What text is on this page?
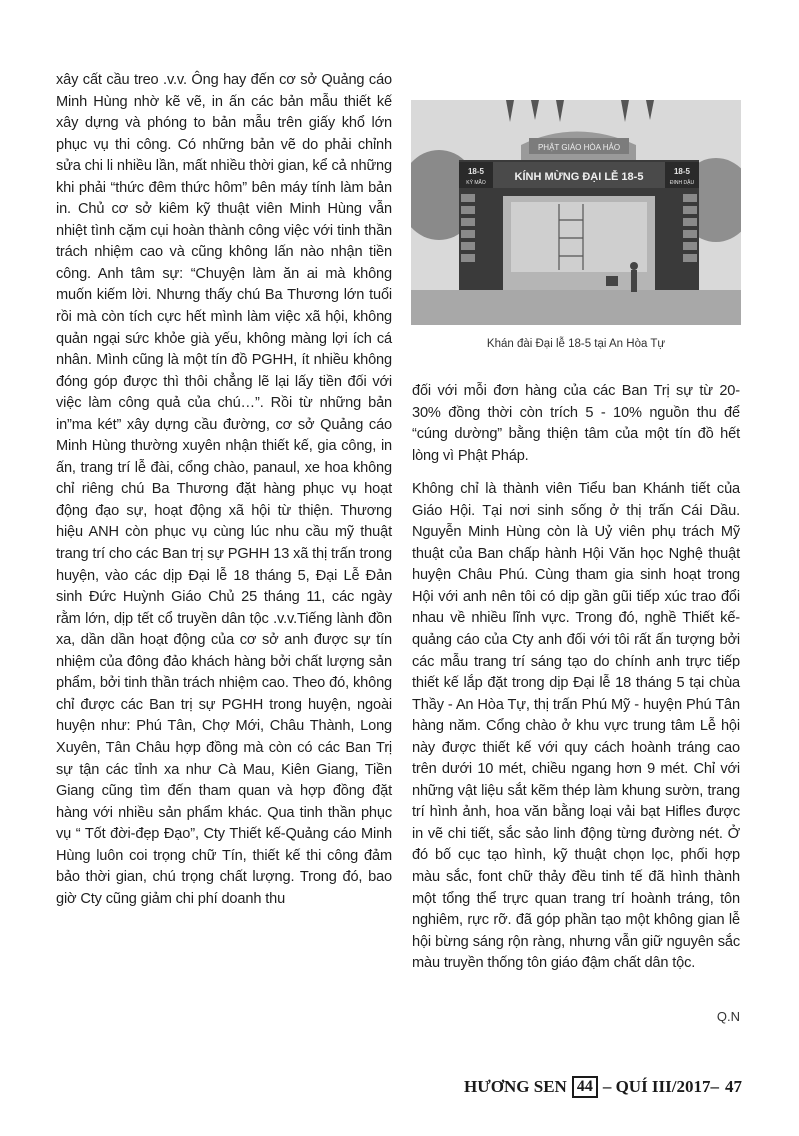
xây cất cầu treo .v.v. Ông hay đến cơ sở Quảng cáo Minh Hùng nhờ kẽ vẽ, in ấn các bản mẫu thiết kế xây dựng và phóng to bản mẫu trên giấy khổ lớn phục vụ thi công. Có những bản vẽ do phải chỉnh sửa chi li nhiều lần, mất nhiều thời gian, kể cả những khi phải “thức đêm thức hôm” bên máy tính làm bản in. Chủ cơ sở kiêm kỹ thuật viên Minh Hùng vẫn nhiệt tình cặm cụi hoàn thành công việc với tinh thần trách nhiệm cao và cũng không lấn nào nhận tiền công. Anh tâm sự: “Chuyện làm ăn ai mà không muốn kiếm lời. Nhưng thấy chú Ba Thương lớn tuổi rồi mà còn tích cực hết mình làm việc xã hội, không quản ngại sức khỏe già yếu, không màng lợi ích cá nhân. Mình cũng là một tín đồ PGHH, ít nhiều không đóng góp được thì thôi chẳng lẽ lại lấy tiền đối với việc làm công quả của chú…”. Rồi từ những bản in”ma két” xây dựng cầu đường, cơ sở Quảng cáo Minh Hùng thường xuyên nhận thiết kế, gia công, in ấn, trang trí lễ đài, cổng chào, panaul, xe hoa không chỉ riêng chú Ba Thương đặt hàng phục vụ hoạt động đạo sự, hoạt động xã hội từ thiện. Thương hiệu ANH còn phục vụ cùng lúc nhu cầu mỹ thuật trang trí cho các Ban trị sự PGHH 13 xã thị trấn trong huyện, vào các dịp Đại lễ 18 tháng 5, Đại Lễ Đản sinh Đức Huỳnh Giáo Chủ 25 tháng 11, các ngày rằm lớn, dịp tết cổ truyền dân tộc .v.v.Tiếng lành đồn xa, dần dần hoạt động của cơ sở anh được sự tín nhiệm của đông đảo khách hàng bởi chất lượng sản phẩm, bởi tinh thần trách nhiệm cao. Theo đó, không chỉ được các Ban trị sự PGHH trong huyện, ngoài huyện như: Phú Tân, Chợ Mới, Châu Thành, Long Xuyên, Tân Châu hợp đồng mà còn có các Ban Trị sự tận các tỉnh xa như Cà Mau, Kiên Giang, Tiền Giang cũng tìm đến tham quan và hợp đồng đặt hàng với nhiều sản phẩm khác. Qua tinh thần phục vụ “ Tốt đời-đẹp Đạo”, Cty Thiết kế-Quảng cáo Minh Hùng luôn coi trọng chữ Tín, thiết kế thi công đảm bảo thời gian, chú trọng chất lượng. Trong đó, bao giờ Cty cũng giảm chi phí doanh thu

PHẬT GIÁO HÒA HẢO
KÍNH MỪNG ĐẠI LỄ 18-5
18-5
KỶ MÃO
18-5
ĐINH DẬU
Khán đài Đại lễ 18-5 tại An Hòa Tự

đối với mỗi đơn hàng của các Ban Trị sự từ 20-30% đồng thời còn trích 5 - 10% nguồn thu để “cúng dường” bằng thiện tâm của một tín đồ hết lòng vì Phật Pháp.

Không chỉ là thành viên Tiểu ban Khánh tiết của Giáo Hội. Tại nơi sinh sống ở thị trấn Cái Dầu. Nguyễn Minh Hùng còn là Uỷ viên phụ trách Mỹ thuật của Ban chấp hành Hội Văn học Nghệ thuật huyện Châu Phú. Cùng tham gia sinh hoạt trong Hội với anh nên tôi có dịp gần gũi tiếp xúc trao đổi nhau về nhiều lĩnh vực. Trong đó, nghề Thiết kế-quảng cáo của Cty anh đối với tôi rất ấn tượng bởi các mẫu trang trí sáng tạo do chính anh trực tiếp thiết kế lắp đặt trong dịp Đại lễ 18 tháng 5 tại chùa Thầy - An Hòa Tự, thị trấn Phú Mỹ - huyện Phú Tân hàng năm. Cổng chào ở khu vực trung tâm Lễ hội này được thiết kế với quy cách hoành tráng cao trên dưới 10 mét, chiều ngang hơn 9 mét. Chỉ với những vật liệu sắt kẽm thép làm khung sườn, trang trí hình ảnh, hoa văn bằng loại vải bạt Hifles được in vẽ chi tiết, sắc sảo linh động từng đường nét. Ở đó bố cục tạo hình, kỹ thuật chọn lọc, phối hợp màu sắc, font chữ thảy đều tinh tế đã hình thành một tổng thể trực quan trang trí hoành tráng, tôn nghiêm, rực rỡ. đã góp phần tạo một không gian lễ hội bừng sáng rộn ràng, nhưng vẫn giữ nguyên sắc màu truyền thống tôn giáo đậm chất dân tộc.

Q.N
HƯƠNG SEN 44 – QUÍ III/2017– 47
